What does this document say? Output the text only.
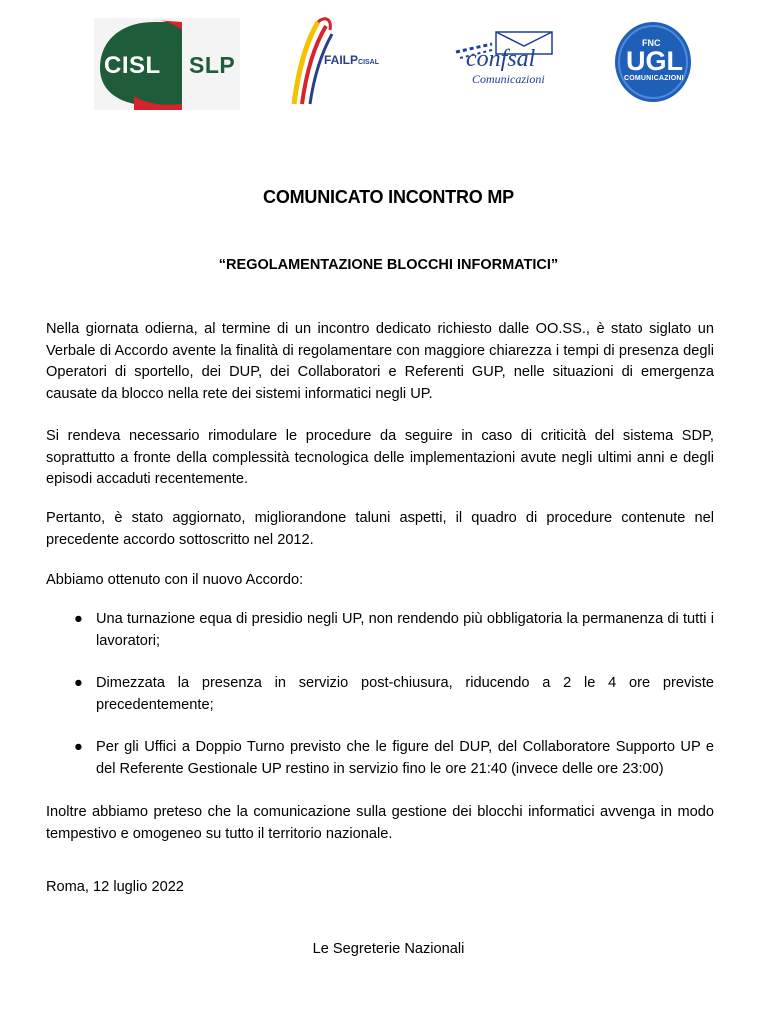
CISL SLP	FAILPCISAL	confsal
Comunicazioni
FNC
UGL
COMUNICAZIONI
COMUNICATO INCONTRO MP
“REGOLAMENTAZIONE BLOCCHI INFORMATICI”

Nella giornata odierna, al termine di un incontro dedicato richiesto dalle OO.SS., è stato siglato un Verbale di Accordo avente la finalità di regolamentare con maggiore chiarezza i tempi di presenza degli Operatori di sportello, dei DUP, dei Collaboratori e Referenti GUP, nelle situazioni di emergenza causate da blocco nella rete dei sistemi informatici negli UP.

Si rendeva necessario rimodulare le procedure da seguire in caso di criticità del sistema SDP, soprattutto a fronte della complessità tecnologica delle implementazioni avute negli ultimi anni e degli episodi accaduti recentemente.

Pertanto, è stato aggiornato, migliorandone taluni aspetti, il quadro di procedure contenute nel precedente accordo sottoscritto nel 2012.

Abbiamo ottenuto con il nuovo Accordo:

● Una turnazione equa di presidio negli UP, non rendendo più obbligatoria la permanenza di tutti i lavoratori;
● Dimezzata la presenza in servizio post-chiusura, riducendo a 2 le 4 ore previste precedentemente;
● Per gli Uffici a Doppio Turno previsto che le figure del DUP, del Collaboratore Supporto UP e del Referente Gestionale UP restino in servizio fino le ore 21:40 (invece delle ore 23:00)

Inoltre abbiamo preteso che la comunicazione sulla gestione dei blocchi informatici avvenga in modo tempestivo e omogeneo su tutto il territorio nazionale.

Roma, 12 luglio 2022
Le Segreterie Nazionali
